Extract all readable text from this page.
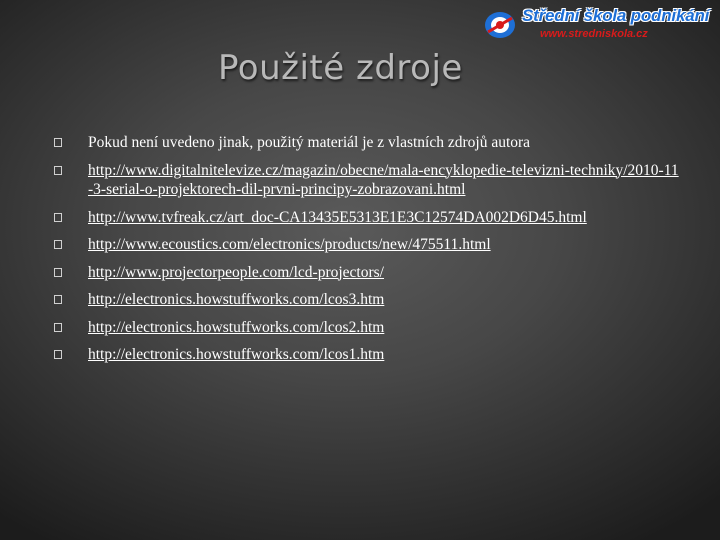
Střední škola podnikání
www.stredniskola.cz
Použité zdroje
Pokud není uvedeno jinak, použitý materiál je z vlastních zdrojů autora
http://www.digitalnitelevize.cz/magazin/obecne/mala-encyklopedie-televizni-techniky/2010-11-3-serial-o-projektorech-dil-prvni-principy-zobrazovani.html
http://www.tvfreak.cz/art_doc-CA13435E5313E1E3C12574DA002D6D45.html
http://www.ecoustics.com/electronics/products/new/475511.html
http://www.projectorpeople.com/lcd-projectors/
http://electronics.howstuffworks.com/lcos3.htm
http://electronics.howstuffworks.com/lcos2.htm
http://electronics.howstuffworks.com/lcos1.htm
